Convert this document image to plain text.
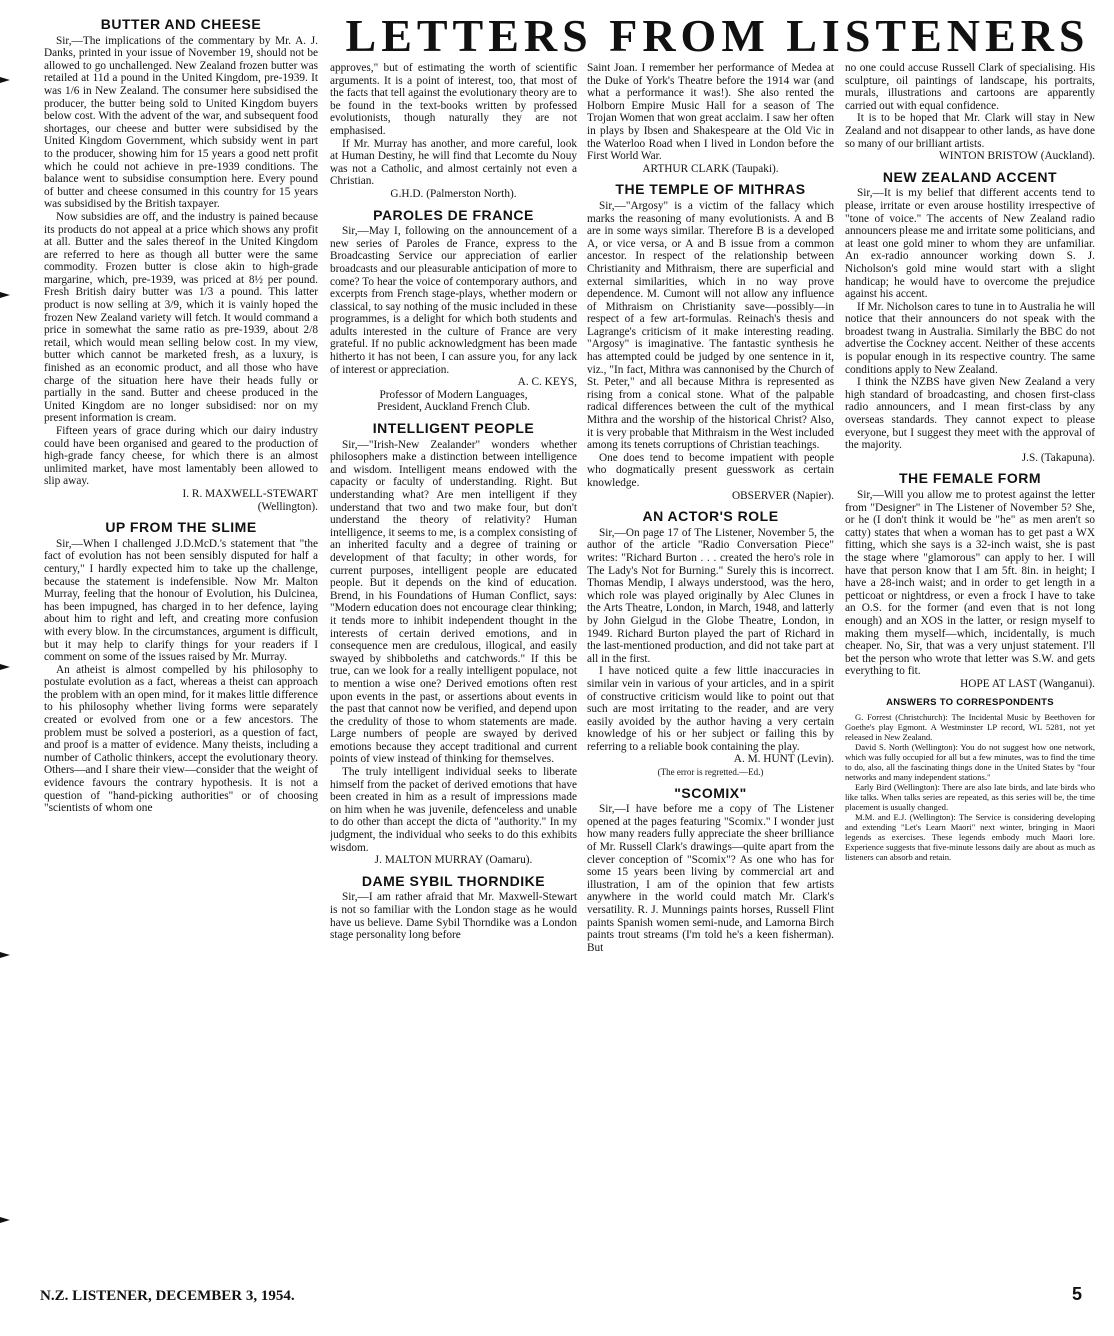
LETTERS FROM LISTENERS
BUTTER AND CHEESE

Sir,—The implications of the commentary by Mr. A. J. Danks, printed in your issue of November 19, should not be allowed to go unchallenged. New Zealand frozen butter was retailed at 11d a pound in the United Kingdom, pre-1939. It was 1/6 in New Zealand. The consumer here subsidised the producer, the butter being sold to United Kingdom buyers below cost. With the advent of the war, and subsequent food shortages, our cheese and butter were subsidised by the United Kingdom Government, which subsidy went in part to the producer, showing him for 15 years a good nett profit which he could not achieve in pre-1939 conditions. The balance went to subsidise consumption here. Every pound of butter and cheese consumed in this country for 15 years was subsidised by the British taxpayer.

Now subsidies are off, and the industry is pained because its products do not appeal at a price which shows any profit at all. Butter and the sales thereof in the United Kingdom are referred to here as though all butter were the same commodity. Frozen butter is close akin to high-grade margarine, which, pre-1939, was priced at 8½ per pound. Fresh British dairy butter was 1/3 a pound. This latter product is now selling at 3/9, which it is vainly hoped the frozen New Zealand variety will fetch. It would command a price in somewhat the same ratio as pre-1939, about 2/8 retail, which would mean selling below cost. In my view, butter which cannot be marketed fresh, as a luxury, is finished as an economic product, and all those who have charge of the situation here have their heads fully or partially in the sand. Butter and cheese produced in the United Kingdom are no longer subsidised: nor on my present information is cream.

Fifteen years of grace during which our dairy industry could have been organised and geared to the production of high-grade fancy cheese, for which there is an almost unlimited market, have most lamentably been allowed to slip away.

I. R. MAXWELL-STEWART

(Wellington).

UP FROM THE SLIME

Sir,—When I challenged J.D.McD.'s statement that "the fact of evolution has not been sensibly disputed for half a century," I hardly expected him to take up the challenge, because the statement is indefensible. Now Mr. Malton Murray, feeling that the honour of Evolution, his Dulcinea, has been impugned, has charged in to her defence, laying about him to right and left, and creating more confusion with every blow. In the circumstances, argument is difficult, but it may help to clarify things for your readers if I comment on some of the issues raised by Mr. Murray.

An atheist is almost compelled by his philosophy to postulate evolution as a fact, whereas a theist can approach the problem with an open mind, for it makes little difference to his philosophy whether living forms were separately created or evolved from one or a few ancestors. The problem must be solved a posteriori, as a question of fact, and proof is a matter of evidence. Many theists, including a number of Catholic thinkers, accept the evolutionary theory. Others—and I share their view—consider that the weight of evidence favours the contrary hypothesis. It is not a question of "hand-picking authorities" or of choosing "scientists of whom one

approves," but of estimating the worth of scientific arguments. It is a point of interest, too, that most of the facts that tell against the evolutionary theory are to be found in the text-books written by professed evolutionists, though naturally they are not emphasised.

If Mr. Murray has another, and more careful, look at Human Destiny, he will find that Lecomte du Nouy was not a Catholic, and almost certainly not even a Christian.

G.H.D. (Palmerston North).

PAROLES DE FRANCE

Sir,—May I, following on the announcement of a new series of Paroles de France, express to the Broadcasting Service our appreciation of earlier broadcasts and our pleasurable anticipation of more to come? To hear the voice of contemporary authors, and excerpts from French stage-plays, whether modern or classical, to say nothing of the music included in these programmes, is a delight for which both students and adults interested in the culture of France are very grateful. If no public acknowledgment has been made hitherto it has not been, I can assure you, for any lack of interest or appreciation.

A. C. KEYS,

Professor of Modern Languages,

President, Auckland French Club.

INTELLIGENT PEOPLE

Sir,—"Irish-New Zealander" wonders whether philosophers make a distinction between intelligence and wisdom. Intelligent means endowed with the capacity or faculty of understanding. Right. But understanding what? Are men intelligent if they understand that two and two make four, but don't understand the theory of relativity? Human intelligence, it seems to me, is a complex consisting of an inherited faculty and a degree of training or development of that faculty; in other words, for current purposes, intelligent people are educated people. But it depends on the kind of education. Brend, in his Foundations of Human Conflict, says: "Modern education does not encourage clear thinking; it tends more to inhibit independent thought in the interests of certain derived emotions, and in consequence men are credulous, illogical, and easily swayed by shibboleths and catchwords." If this be true, can we look for a really intelligent populace, not to mention a wise one? Derived emotions often rest upon events in the past, or assertions about events in the past that cannot now be verified, and depend upon the credulity of those to whom statements are made. Large numbers of people are swayed by derived emotions because they accept traditional and current points of view instead of thinking for themselves.

The truly intelligent individual seeks to liberate himself from the packet of derived emotions that have been created in him as a result of impressions made on him when he was juvenile, defenceless and unable to do other than accept the dicta of "authority." In my judgment, the individual who seeks to do this exhibits wisdom.

J. MALTON MURRAY (Oamaru).

DAME SYBIL THORNDIKE

Sir,—I am rather afraid that Mr. Maxwell-Stewart is not so familiar with the London stage as he would have us believe. Dame Sybil Thorndike was a London stage personality long before

Saint Joan. I remember her performance of Medea at the Duke of York's Theatre before the 1914 war (and what a performance it was!). She also rented the Holborn Empire Music Hall for a season of The Trojan Women that won great acclaim. I saw her often in plays by Ibsen and Shakespeare at the Old Vic in the Waterloo Road when I lived in London before the First World War.

ARTHUR CLARK (Taupaki).

THE TEMPLE OF MITHRAS

Sir,—"Argosy" is a victim of the fallacy which marks the reasoning of many evolutionists. A and B are in some ways similar. Therefore B is a developed A, or vice versa, or A and B issue from a common ancestor. In respect of the relationship between Christianity and Mithraism, there are superficial and external similarities, which in no way prove dependence. M. Cumont will not allow any influence of Mithraism on Christianity save—possibly—in respect of a few art-formulas. Reinach's thesis and Lagrange's criticism of it make interesting reading. "Argosy" is imaginative. The fantastic synthesis he has attempted could be judged by one sentence in it, viz., "In fact, Mithra was cannonised by the Church of St. Peter," and all because Mithra is represented as rising from a conical stone. What of the palpable radical differences between the cult of the mythical Mithra and the worship of the historical Christ? Also, it is very probable that Mithraism in the West included among its tenets corruptions of Christian teachings.

One does tend to become impatient with people who dogmatically present guesswork as certain knowledge.

OBSERVER (Napier).

AN ACTOR'S ROLE

Sir,—On page 17 of The Listener, November 5, the author of the article "Radio Conversation Piece" writes: "Richard Burton . . . created the hero's role in The Lady's Not for Burning." Surely this is incorrect. Thomas Mendip, I always understood, was the hero, which role was played originally by Alec Clunes in the Arts Theatre, London, in March, 1948, and latterly by John Gielgud in the Globe Theatre, London, in 1949. Richard Burton played the part of Richard in the last-mentioned production, and did not take part at all in the first.

I have noticed quite a few little inaccuracies in similar vein in various of your articles, and in a spirit of constructive criticism would like to point out that such are most irritating to the reader, and are very easily avoided by the author having a very certain knowledge of his or her subject or failing this by referring to a reliable book containing the play.

A. M. HUNT (Levin).

(The error is regretted.—Ed.)

"SCOMIX"

Sir,—I have before me a copy of The Listener opened at the pages featuring "Scomix." I wonder just how many readers fully appreciate the sheer brilliance of Mr. Russell Clark's drawings—quite apart from the clever conception of "Scomix"? As one who has for some 15 years been living by commercial art and illustration, I am of the opinion that few artists anywhere in the world could match Mr. Clark's versatility. R. J. Munnings paints horses, Russell Flint paints Spanish women semi-nude, and Lamorna Birch paints trout streams (I'm told he's a keen fisherman). But

no one could accuse Russell Clark of specialising. His sculpture, oil paintings of landscape, his portraits, murals, illustrations and cartoons are apparently carried out with equal confidence.

It is to be hoped that Mr. Clark will stay in New Zealand and not disappear to other lands, as have done so many of our brilliant artists.

WINTON BRISTOW (Auckland).

NEW ZEALAND ACCENT

Sir,—It is my belief that different accents tend to please, irritate or even arouse hostility irrespective of "tone of voice." The accents of New Zealand radio announcers please me and irritate some politicians, and at least one gold miner to whom they are unfamiliar. An ex-radio announcer working down S. J. Nicholson's gold mine would start with a slight handicap; he would have to overcome the prejudice against his accent.

If Mr. Nicholson cares to tune in to Australia he will notice that their announcers do not speak with the broadest twang in Australia. Similarly the BBC do not advertise the Cockney accent. Neither of these accents is popular enough in its respective country. The same conditions apply to New Zealand.

I think the NZBS have given New Zealand a very high standard of broadcasting, and chosen first-class radio announcers, and I mean first-class by any overseas standards. They cannot expect to please everyone, but I suggest they meet with the approval of the majority.

J.S. (Takapuna).

THE FEMALE FORM

Sir,—Will you allow me to protest against the letter from "Designer" in The Listener of November 5? She, or he (I don't think it would be "he" as men aren't so catty) states that when a woman has to get past a WX fitting, which she says is a 32-inch waist, she is past the stage where "glamorous" can apply to her. I will have that person know that I am 5ft. 8in. in height; I have a 28-inch waist; and in order to get length in a petticoat or nightdress, or even a frock I have to take an O.S. for the former (and even that is not long enough) and an XOS in the latter, or resign myself to making them myself—which, incidentally, is much cheaper. No, Sir, that was a very unjust statement. I'll bet the person who wrote that letter was S.W. and gets everything to fit.

HOPE AT LAST (Wanganui).

ANSWERS TO CORRESPONDENTS

G. Forrest (Christchurch): The Incidental Music by Beethoven for Goethe's play Egmont. A Westminster LP record, WL 5281, not yet released in New Zealand.

David S. North (Wellington): You do not suggest how one network, which was fully occupied for all but a few minutes, was to find the time to do, also, all the fascinating things done in the United States by "four networks and many independent stations."

Early Bird (Wellington): There are also late birds, and late birds who like talks. When talks series are repeated, as this series will be, the time placement is usually changed.

M.M. and E.J. (Wellington): The Service is considering developing and extending "Let's Learn Maori" next winter, bringing in Maori legends as exercises. These legends embody much Maori lore. Experience suggests that five-minute lessons daily are about as much as listeners can absorb and retain.

N.Z. LISTENER, DECEMBER 3, 1954.	5
